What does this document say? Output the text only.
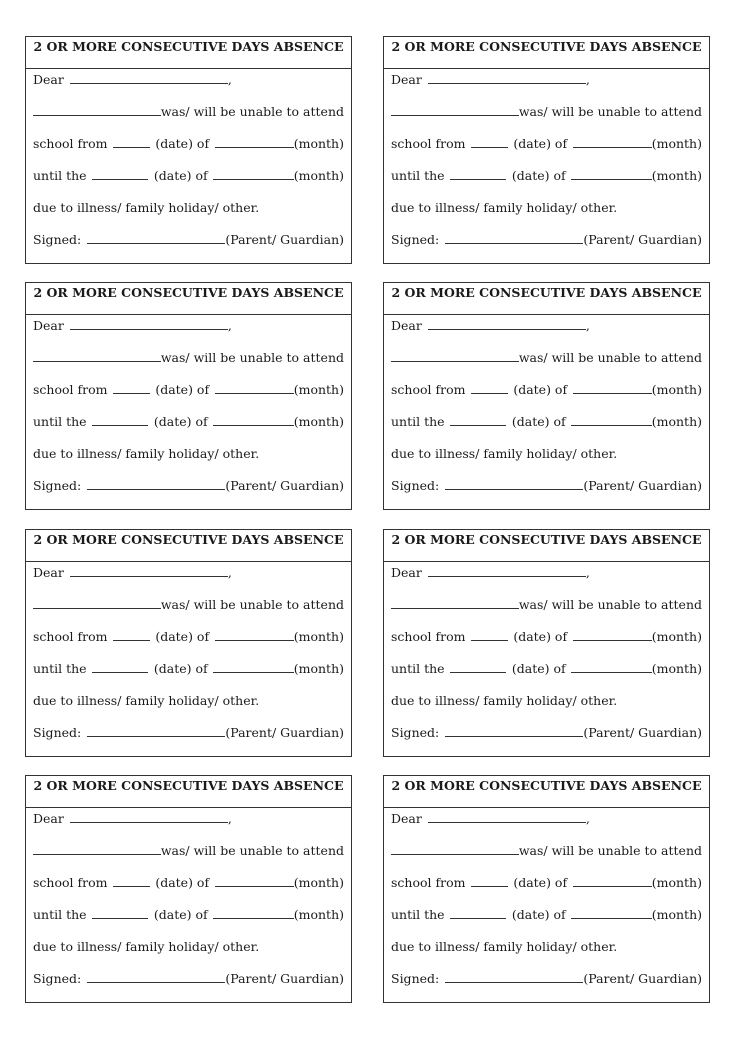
2 OR MORE CONSECUTIVE DAYS ABSENCE
Dear	,
was/ will be unable to attend
school from	(date) of	(month)
until the	(date) of	(month)
due to illness/ family holiday/ other.
Signed:	(Parent/ Guardian)
2 OR MORE CONSECUTIVE DAYS ABSENCE
Dear	,
was/ will be unable to attend
school from	(date) of	(month)
until the	(date) of	(month)
due to illness/ family holiday/ other.
Signed:	(Parent/ Guardian)
2 OR MORE CONSECUTIVE DAYS ABSENCE
Dear	,
was/ will be unable to attend
school from	(date) of	(month)
until the	(date) of	(month)
due to illness/ family holiday/ other.
Signed:	(Parent/ Guardian)
2 OR MORE CONSECUTIVE DAYS ABSENCE
Dear	,
was/ will be unable to attend
school from	(date) of	(month)
until the	(date) of	(month)
due to illness/ family holiday/ other.
Signed:	(Parent/ Guardian)
2 OR MORE CONSECUTIVE DAYS ABSENCE
Dear	,
was/ will be unable to attend
school from	(date) of	(month)
until the	(date) of	(month)
due to illness/ family holiday/ other.
Signed:	(Parent/ Guardian)
2 OR MORE CONSECUTIVE DAYS ABSENCE
Dear	,
was/ will be unable to attend
school from	(date) of	(month)
until the	(date) of	(month)
due to illness/ family holiday/ other.
Signed:	(Parent/ Guardian)
2 OR MORE CONSECUTIVE DAYS ABSENCE
Dear	,
was/ will be unable to attend
school from	(date) of	(month)
until the	(date) of	(month)
due to illness/ family holiday/ other.
Signed:	(Parent/ Guardian)
2 OR MORE CONSECUTIVE DAYS ABSENCE
Dear	,
was/ will be unable to attend
school from	(date) of	(month)
until the	(date) of	(month)
due to illness/ family holiday/ other.
Signed:	(Parent/ Guardian)
